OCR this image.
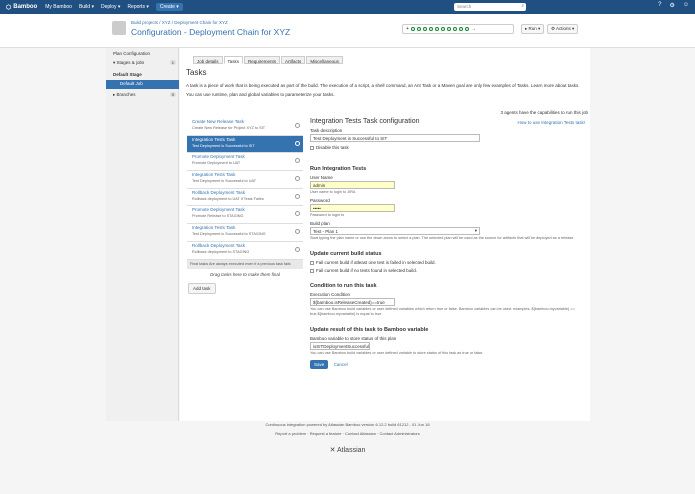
⬡ Bamboo My Bamboo Build ▾ Deploy ▾ Reports ▾	Create ▾	Search	⌕	? ⚙ ☺
Build projects / XYZ / Deployment Chain for XYZ
Configuration - Deployment Chain for XYZ	+	→	▸ Run ▾	⚙ Actions ▾
Plan Configuration
▾ Stages & jobs	1
Default Stage
Default Job
▸ Branches	0
Job details	Tasks	Requirements	Artifacts	Miscellaneous
Tasks
A task is a piece of work that is being executed as part of the build. The execution of a script, a shell command, an Ant Task or a Maven goal are only few examples of Tasks. Learn more about tasks.
You can use runtime, plan and global variables to parameterize your tasks.
3 agents have the capabilities to run this job
Create New Release Task
Create New Release for Project XYZ to SIT
Integration Tests Task
Test Deployment is Successful to SIT
Promote Deployment Task
Promote Deployment to UAT
Integration Tests Task
Test Deployment is Successful to UAT
Rollback Deployment Task
Rollback deployment to UAT if Tests Failes
Promote Deployment Task
Promote Release to STAGING
Integration Tests Task
Test Deployment is Successful to STAGING
Rollback Deployment Task
Rollback deployment to STAGING
Final tasks Are always executed even if a previous task fails
Drag tasks here to make them final
Add task
Integration Tests Task configuration	How to use Integration Tests task!
Task description
Test Deployment is Successful to SIT
Disable this task
Run Integration Tests
User Name
admin
User name to login to JIRA
Password
•••••
Password to login to
Build plan
Test - Plan 1	▾
Start typing the plan name or use the down arrow to select a plan. The selected plan will be used as the source for artifacts that will be deployed as a release.
Update current build status
Fail current build if atleast one test is failed in selected build.
Fail current build if no tests found in selected build.
Condition to run this task
Execution Condition
${bamboo.isReleaseCreated}==true
You can use Bamboo build variables or user defined variables which return true or false. Bamboo variables can be used. examples: ${bamboo.myvariable} == true,${bamboo.myvariable} is equal to true
Update result of this task to Bamboo variable
Bamboo variable to store status of this plan
isSITDeploymentSuccessful
You can use Bamboo build variables or user defined variable to store status of this task as true or false.
Save Cancel
Continuous integration powered by Atlassian Bamboo version 6.12.2 build 61212 - 01 Jun 18
Report a problem · Request a feature · Contact Atlassian · Contact Administrators
✕ Atlassian
